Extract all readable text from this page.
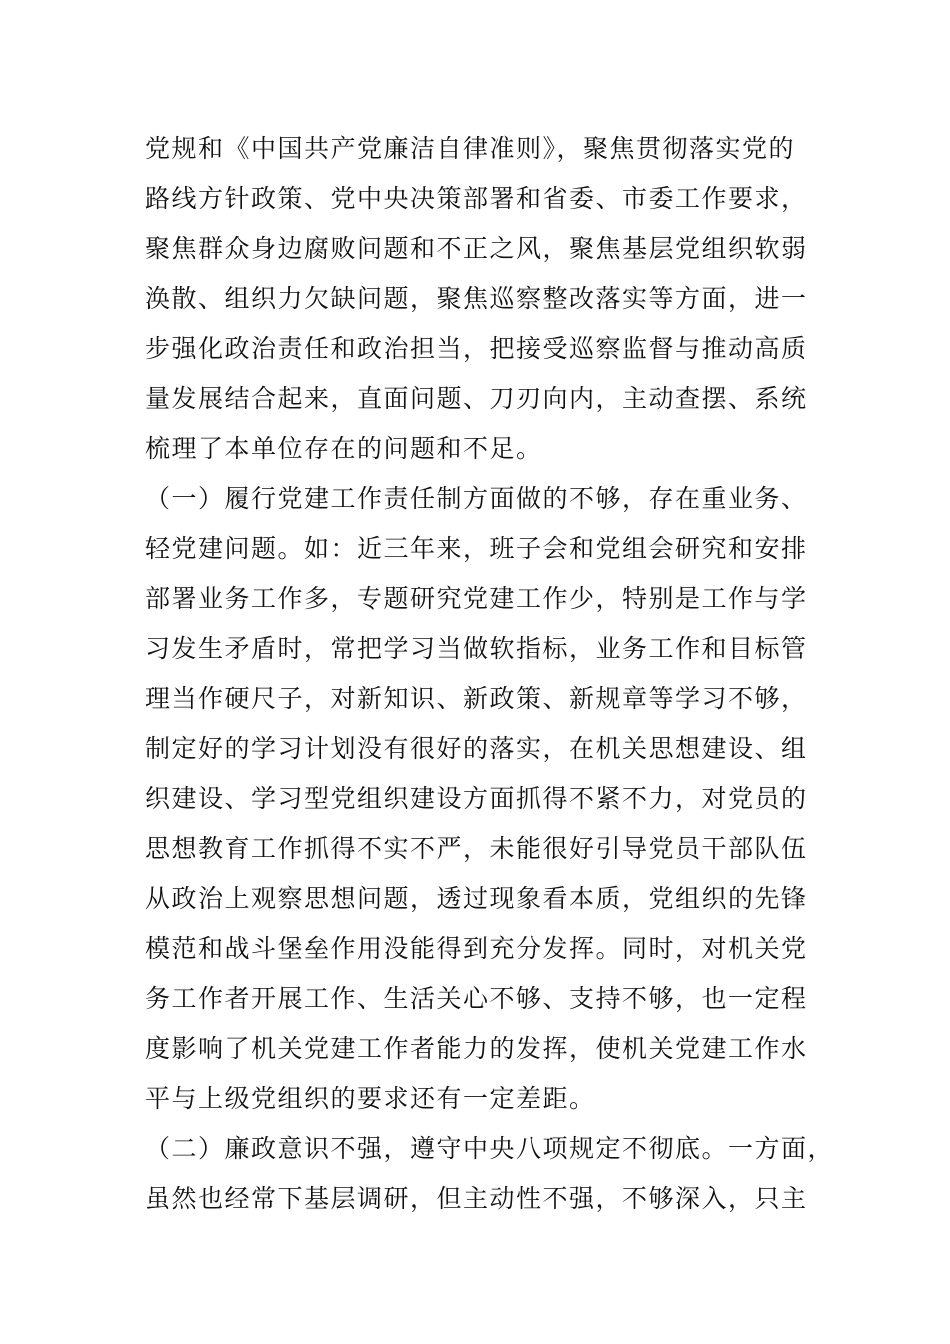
党规和《中国共产党廉洁自律准则》，聚焦贯彻落实党的
路线方针政策、党中央决策部署和省委、市委工作要求，
聚焦群众身边腐败问题和不正之风，聚焦基层党组织软弱
涣散、组织力欠缺问题，聚焦巡察整改落实等方面，进一
步强化政治责任和政治担当，把接受巡察监督与推动高质
量发展结合起来，直面问题、刀刃向内，主动查摆、系统
梳理了本单位存在的问题和不足。
（一）履行党建工作责任制方面做的不够，存在重业务、
轻党建问题。如：近三年来，班子会和党组会研究和安排
部署业务工作多，专题研究党建工作少，特别是工作与学
习发生矛盾时，常把学习当做软指标，业务工作和目标管
理当作硬尺子，对新知识、新政策、新规章等学习不够，
制定好的学习计划没有很好的落实，在机关思想建设、组
织建设、学习型党组织建设方面抓得不紧不力，对党员的
思想教育工作抓得不实不严，未能很好引导党员干部队伍
从政治上观察思想问题，透过现象看本质，党组织的先锋
模范和战斗堡垒作用没能得到充分发挥。同时，对机关党
务工作者开展工作、生活关心不够、支持不够，也一定程
度影响了机关党建工作者能力的发挥，使机关党建工作水
平与上级党组织的要求还有一定差距。
（二）廉政意识不强，遵守中央八项规定不彻底。一方面，
虽然也经常下基层调研，但主动性不强，不够深入，只主
